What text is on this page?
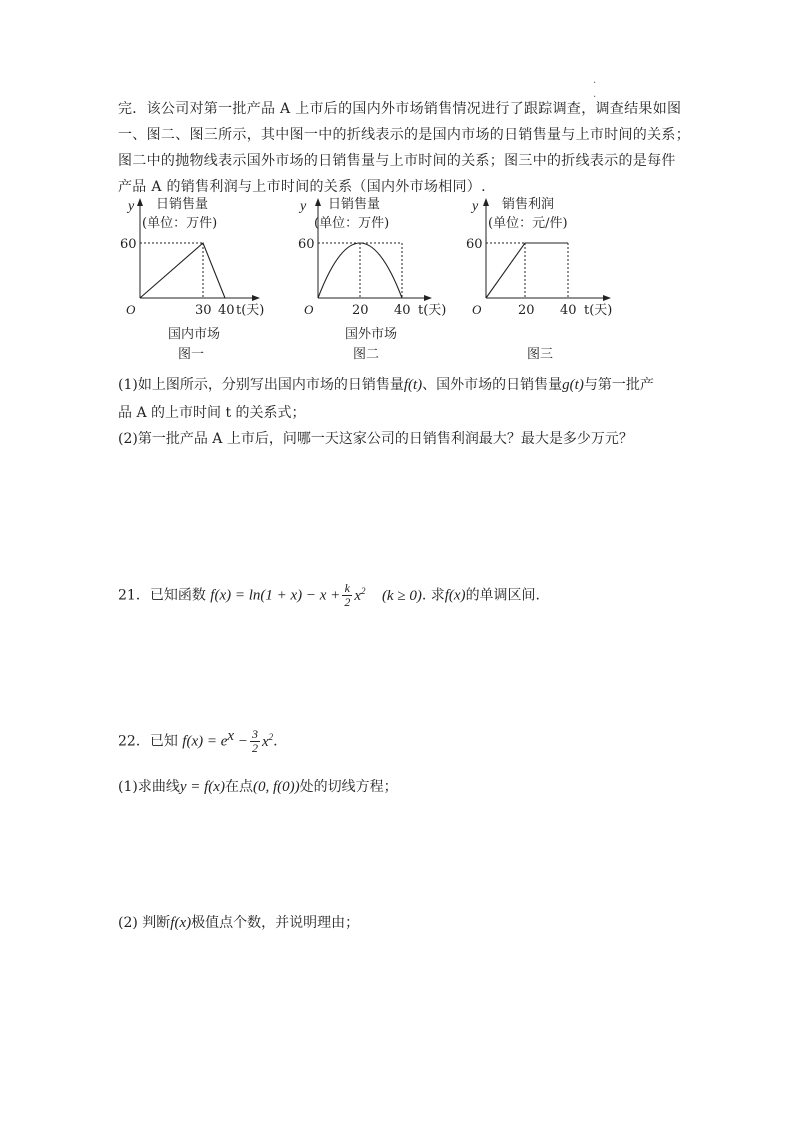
.
.
完．该公司对第一批产品 A 上市后的国内外市场销售情况进行了跟踪调查，调查结果如图
一、图二、图三所示，其中图一中的折线表示的是国内市场的日销售量与上市时间的关系；
图二中的抛物线表示国外市场的日销售量与上市时间的关系；图三中的折线表示的是每件
产品 A 的销售利润与上市时间的关系（国内外市场相同）.
y 日销售量
(单位：万件)
60
O	30 40 t(天)
国内市场
图一
y 日销售量
(单位：万件)
60
O	20 40 t(天)
国外市场
图二
y 销售利润
(单位：元/件)
60
O	20 40 t(天)
图三
(1)如上图所示，分别写出国内市场的日销售量f(t)、国外市场的日销售量g(t)与第一批产
品 A 的上市时间 t 的关系式；
(2)第一批产品 A 上市后，问哪一天这家公司的日销售利润最大？最大是多少万元？
21．已知函数 $f(x) = \ln(1 + x) - x + \frac{k}{2} x^2$ (k ≥ 0). 求f(x)的单调区间.
22．已知 $f(x) = e^x - \frac{3}{2} x^2$.
(1)求曲线y = f(x)在点(0, f(0))处的切线方程；
(2) 判断f(x)极值点个数，并说明理由；
